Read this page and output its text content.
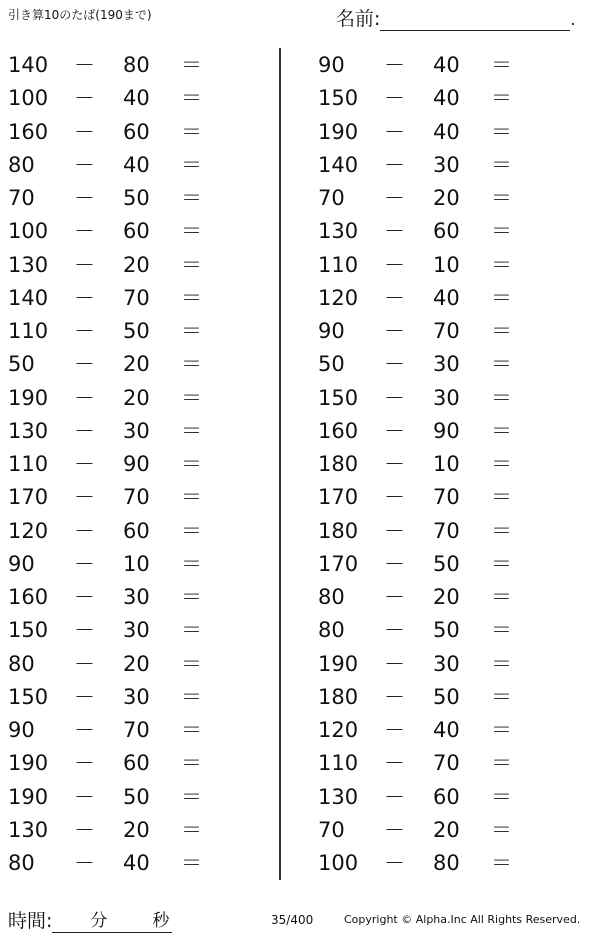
引き算10のたば(190まで)	名前:	.
140	－ 80	＝
100	－ 40	＝
160	－ 60	＝
80	－ 40	＝
70	－ 50	＝
100	－ 60	＝
130	－ 20	＝
140	－ 70	＝
110	－ 50	＝
50	－ 20	＝
190	－ 20	＝
130	－ 30	＝
110	－ 90	＝
170	－ 70	＝
120	－ 60	＝
90	－ 10	＝
160	－ 30	＝
150	－ 30	＝
80	－ 20	＝
150	－ 30	＝
90	－ 70	＝
190	－ 60	＝
190	－ 50	＝
130	－ 20	＝
80	－ 40	＝
90	－ 40	＝
150	－ 40	＝
190	－ 40	＝
140	－ 30	＝
70	－ 20	＝
130	－ 60	＝
110	－ 10	＝
120	－ 40	＝
90	－ 70	＝
50	－ 30	＝
150	－ 30	＝
160	－ 90	＝
180	－ 10	＝
170	－ 70	＝
180	－ 70	＝
170	－ 50	＝
80	－ 20	＝
80	－ 50	＝
190	－ 30	＝
180	－ 50	＝
120	－ 40	＝
110	－ 70	＝
130	－ 60	＝
70	－ 20	＝
100	－ 80	＝
時間: 分	秒	35/400	Copyright © Alpha.Inc All Rights Reserved.
